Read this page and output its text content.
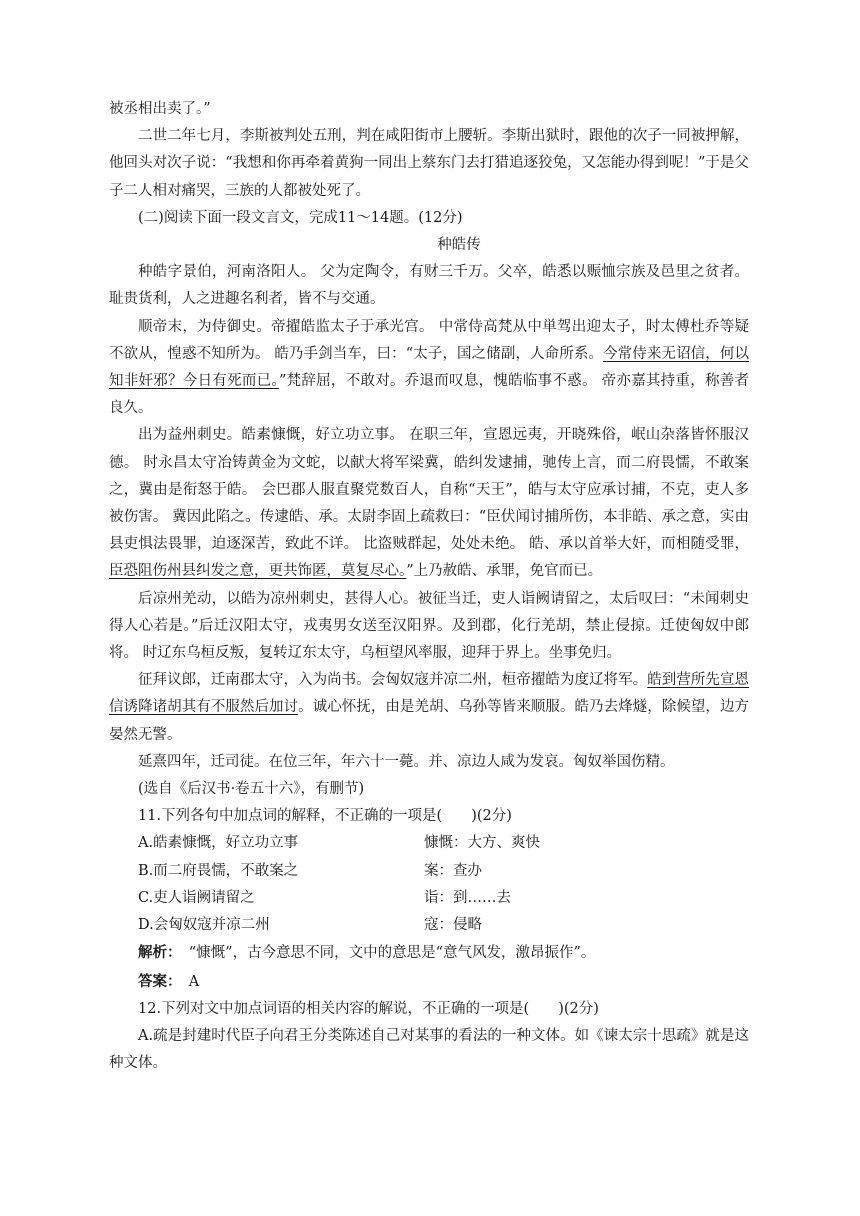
被丞相出卖了。”

二世二年七月，李斯被判处五刑，判在咸阳街市上腰斩。李斯出狱时，跟他的次子一同被押解，他回头对次子说：“我想和你再牵着黄狗一同出上蔡东门去打猎追逐狡兔，又怎能办得到呢！”于是父子二人相对痛哭，三族的人都被处死了。

(二)阅读下面一段文言文，完成11～14题。(12分)

种皓传

种皓字景伯，河南洛阳人。 父为定陶令，有财三千万。父卒，皓悉以赈恤宗族及邑里之贫者。耻贵货利，人之进趣名利者，皆不与交通。

顺帝末，为侍御史。帝擢皓监太子于承光宫。 中常侍高梵从中単驾出迎太子，时太傅杜乔等疑不欲从，惶惑不知所为。 皓乃手剑当车，曰：“太子，国之储副，人命所系。今常侍来无诏信，何以知非奸邪？今日有死而已。”梵辞屈，不敢对。乔退而叹息，愧皓临事不惑。 帝亦嘉其持重，称善者良久。

出为益州刺史。皓素慷慨，好立功立事。 在职三年，宣恩远夷，开晓殊俗，岷山杂落皆怀服汉德。 时永昌太守冶铸黄金为文蛇，以献大将军梁冀，皓纠发逮捕，驰传上言，而二府畏懦，不敢案之，冀由是衔怒于皓。 会巴郡人服直聚党数百人，自称“天王”，皓与太守应承讨捕，不克，吏人多被伤害。 冀因此陷之。传逮皓、承。太尉李固上疏救曰：“臣伏闻讨捕所伤，本非皓、承之意，实由县吏惧法畏罪，迫逐深苦，致此不详。 比盗贼群起，处处未绝。 皓、承以首举大奸，而相随受罪，臣恐阻伤州县纠发之意，更共饰匿，莫复尽心。”上乃赦皓、承罪，免官而已。

后凉州羌动，以皓为凉州刺史，甚得人心。被征当迁，吏人诣阙请留之，太后叹曰：“未闻刺史得人心若是。”后迁汉阳太守，戎夷男女送至汉阳界。及到郡，化行羌胡，禁止侵掠。迁使匈奴中郎将。 时辽东乌桓反叛，复转辽东太守，乌桓望风率服，迎拜于界上。坐事免归。

征拜议郎，迁南郡太守，入为尚书。会匈奴寇并凉二州，桓帝擢皓为度辽将军。皓到营所先宣恩信诱降诸胡其有不服然后加讨。诚心怀抚，由是羌胡、乌孙等皆来顺服。皓乃去烽燧，除候望，边方晏然无警。

延熹四年，迁司徒。在位三年，年六十一薨。并、凉边人咸为发哀。匈奴举国伤精。

(选自《后汉书·卷五十六》，有删节)

11.下列各句中加点词的解释，不正确的一项是(　　)(2分)

A.皓素慷慨，好立功立事	慷慨：大方、爽快
B.而二府畏懦，不敢案之	案：查办
C.吏人诣阙请留之	诣：到……去
D.会匈奴寇并凉二州	寇：侵略

解析：　 “慷慨”，古今意思不同，文中的意思是“意气风发，激昂振作”。

答案：　 A

12.下列对文中加点词语的相关内容的解说，不正确的一项是(　　)(2分)

A.疏是封建时代臣子向君王分类陈述自己对某事的看法的一种文体。如《谏太宗十思疏》就是这种文体。
